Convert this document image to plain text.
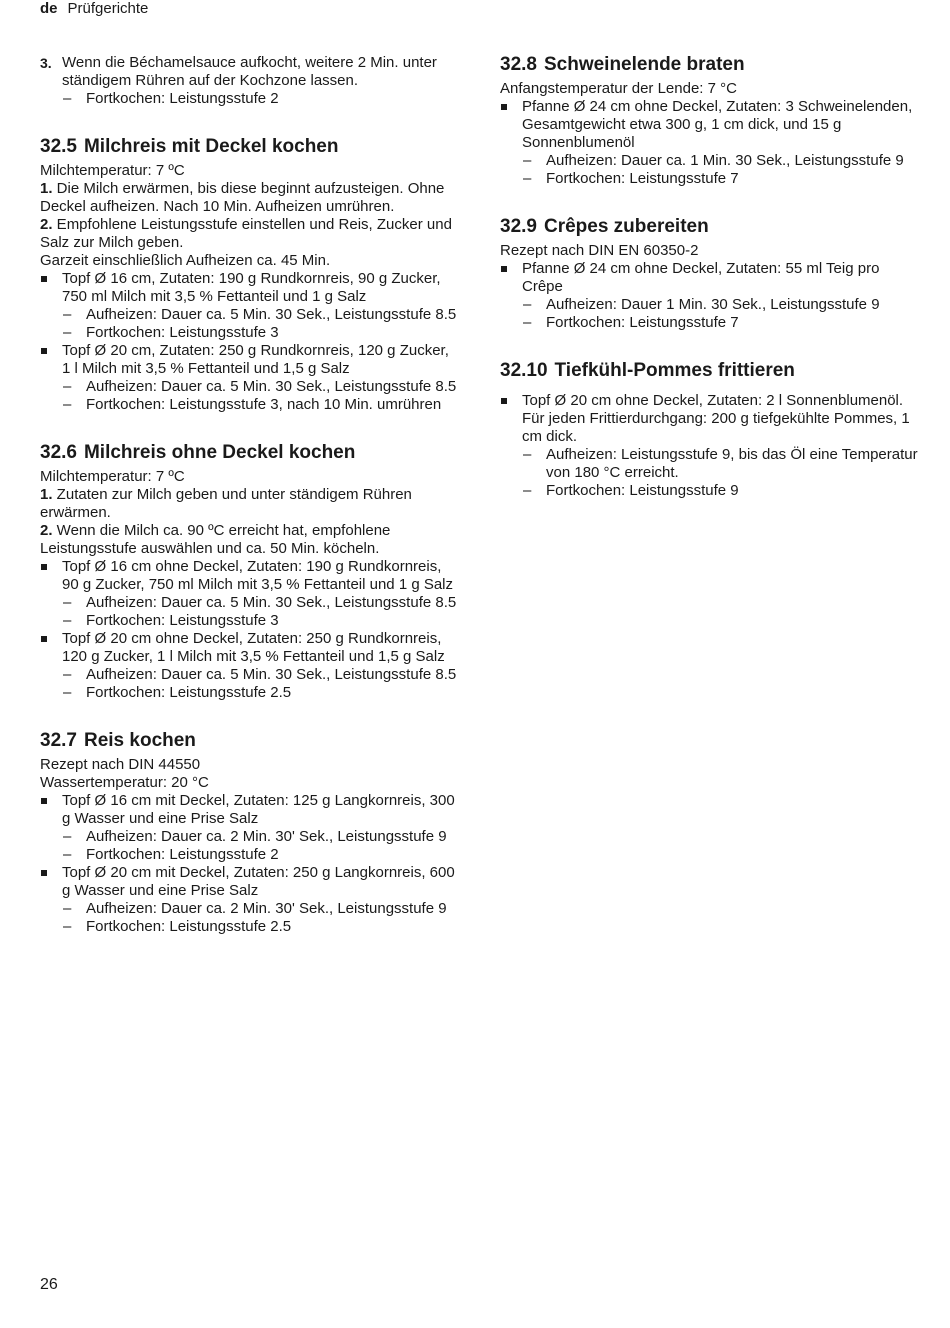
de Prüfgerichte
3. Wenn die Béchamelsauce aufkocht, weitere 2 Min. unter ständigem Rühren auf der Kochzone lassen.
– Fortkochen: Leistungsstufe 2
32.5 Milchreis mit Deckel kochen

Milchtemperatur: 7 ºC

1. Die Milch erwärmen, bis diese beginnt aufzusteigen. Ohne Deckel aufheizen. Nach 10 Min. Aufheizen umrühren.

2. Empfohlene Leistungsstufe einstellen und Reis, Zucker und Salz zur Milch geben.

Garzeit einschließlich Aufheizen ca. 45 Min.

Topf Ø 16 cm, Zutaten: 190 g Rundkornreis, 90 g Zucker, 750 ml Milch mit 3,5 % Fettanteil und 1 g Salz
– Aufheizen: Dauer ca. 5 Min. 30 Sek., Leistungsstufe 8.5
– Fortkochen: Leistungsstufe 3
Topf Ø 20 cm, Zutaten: 250 g Rundkornreis, 120 g Zucker, 1 l Milch mit 3,5 % Fettanteil und 1,5 g Salz
– Aufheizen: Dauer ca. 5 Min. 30 Sek., Leistungsstufe 8.5
– Fortkochen: Leistungsstufe 3, nach 10 Min. umrühren
32.6 Milchreis ohne Deckel kochen

Milchtemperatur: 7 ºC

1. Zutaten zur Milch geben und unter ständigem Rühren erwärmen.

2. Wenn die Milch ca. 90 ºC erreicht hat, empfohlene Leistungsstufe auswählen und ca. 50 Min. köcheln.

Topf Ø 16 cm ohne Deckel, Zutaten: 190 g Rundkornreis, 90 g Zucker, 750 ml Milch mit 3,5 % Fettanteil und 1 g Salz
– Aufheizen: Dauer ca. 5 Min. 30 Sek., Leistungsstufe 8.5
– Fortkochen: Leistungsstufe 3
Topf Ø 20 cm ohne Deckel, Zutaten: 250 g Rundkornreis, 120 g Zucker, 1 l Milch mit 3,5 % Fettanteil und 1,5 g Salz
– Aufheizen: Dauer ca. 5 Min. 30 Sek., Leistungsstufe 8.5
– Fortkochen: Leistungsstufe 2.5
32.7 Reis kochen

Rezept nach DIN 44550

Wassertemperatur: 20 °C

Topf Ø 16 cm mit Deckel, Zutaten: 125 g Langkornreis, 300 g Wasser und eine Prise Salz
– Aufheizen: Dauer ca. 2 Min. 30' Sek., Leistungsstufe 9
– Fortkochen: Leistungsstufe 2
Topf Ø 20 cm mit Deckel, Zutaten: 250 g Langkornreis, 600 g Wasser und eine Prise Salz
– Aufheizen: Dauer ca. 2 Min. 30' Sek., Leistungsstufe 9
– Fortkochen: Leistungsstufe 2.5
32.8 Schweinelende braten

Anfangstemperatur der Lende: 7 °C

Pfanne Ø 24 cm ohne Deckel, Zutaten: 3 Schweinelenden, Gesamtgewicht etwa 300 g, 1 cm dick, und 15 g Sonnenblumenöl
– Aufheizen: Dauer ca. 1 Min. 30 Sek., Leistungsstufe 9
– Fortkochen: Leistungsstufe 7
32.9 Crêpes zubereiten

Rezept nach DIN EN 60350-2

Pfanne Ø 24 cm ohne Deckel, Zutaten: 55 ml Teig pro Crêpe
– Aufheizen: Dauer 1 Min. 30 Sek., Leistungsstufe 9
– Fortkochen: Leistungsstufe 7
32.10 Tiefkühl-Pommes frittieren
Topf Ø 20 cm ohne Deckel, Zutaten: 2 l Sonnenblumenöl. Für jeden Frittierdurchgang: 200 g tiefgekühlte Pommes, 1 cm dick.
– Aufheizen: Leistungsstufe 9, bis das Öl eine Temperatur von 180 °C erreicht.
– Fortkochen: Leistungsstufe 9
26
